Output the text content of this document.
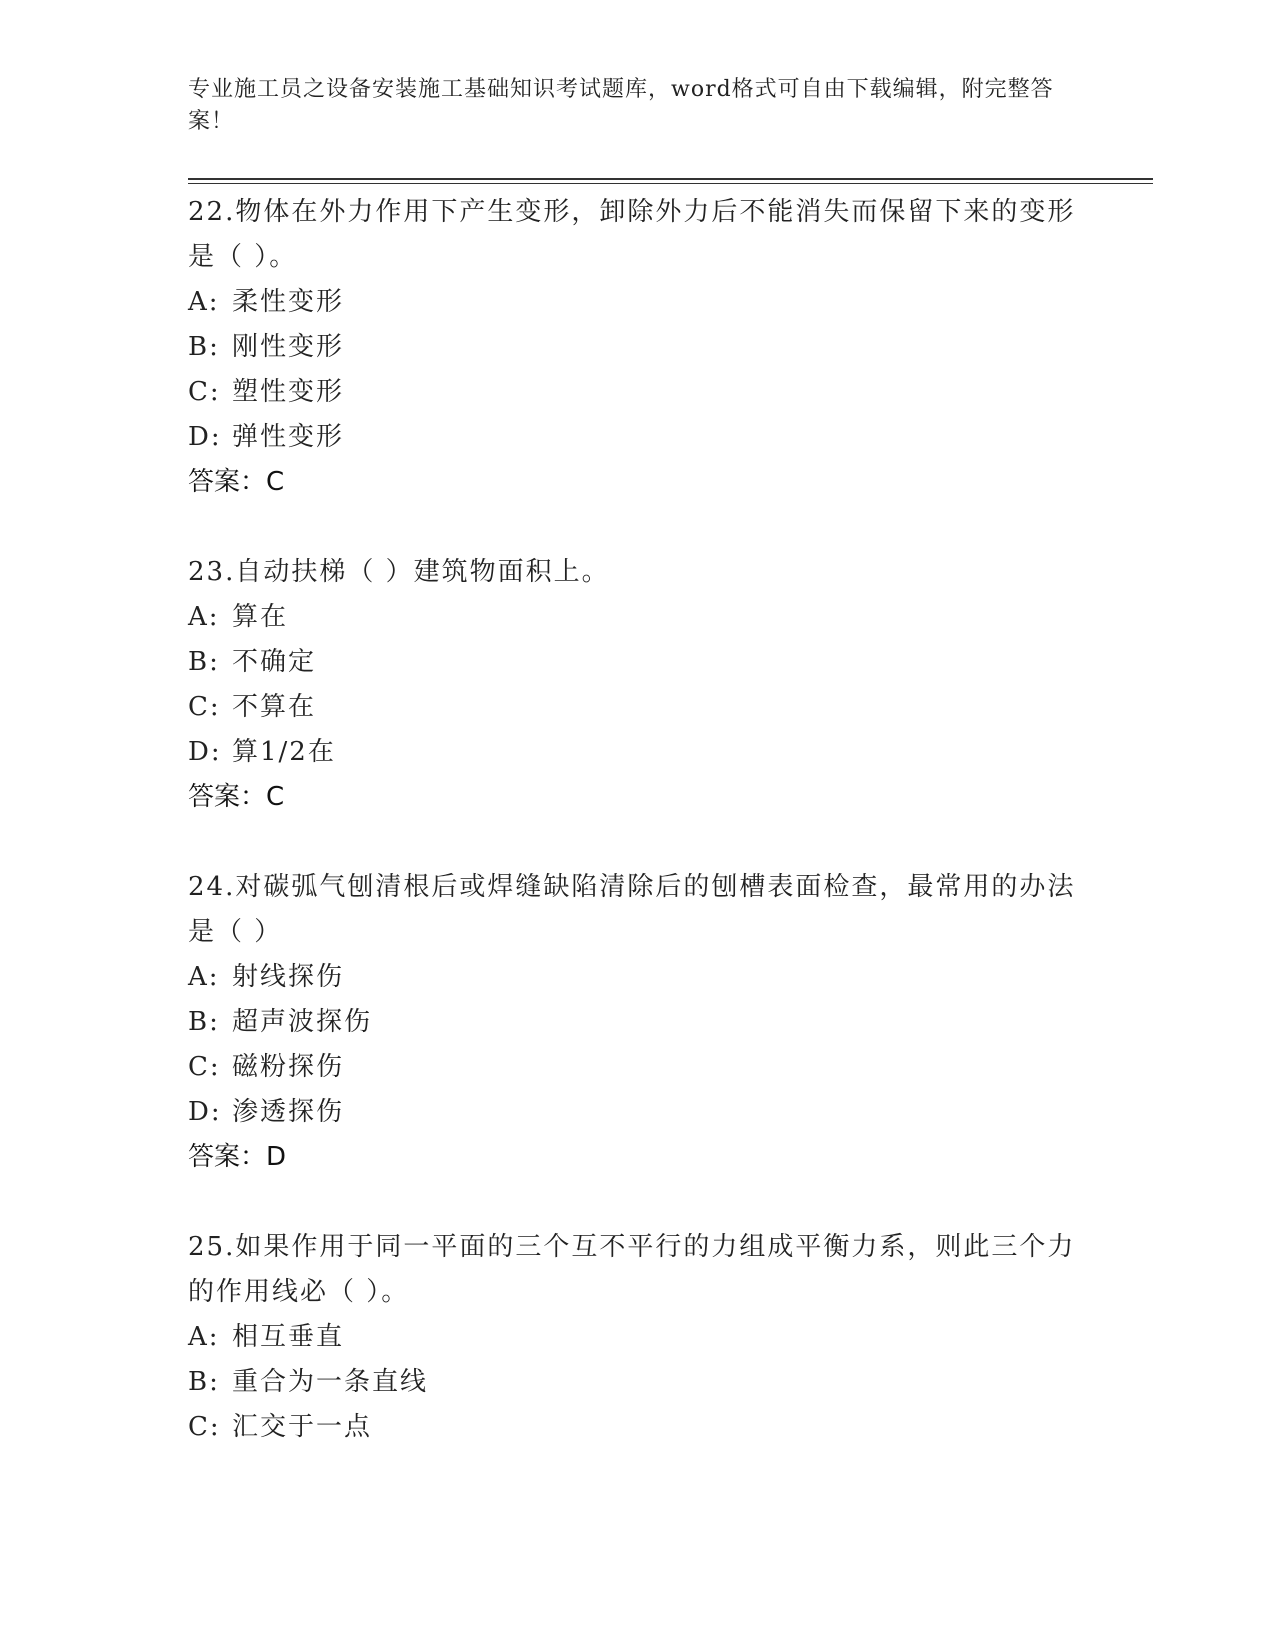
专业施工员之设备安装施工基础知识考试题库，word格式可自由下载编辑，附完整答案！

22.物体在外力作用下产生变形，卸除外力后不能消失而保留下来的变形是（ ）。

A: 柔性变形

B: 刚性变形

C: 塑性变形

D: 弹性变形

答案：C

23.自动扶梯（ ）建筑物面积上。

A: 算在

B: 不确定

C: 不算在

D: 算1/2在

答案：C

24.对碳弧气刨清根后或焊缝缺陷清除后的刨槽表面检查，最常用的办法是（ ）

A: 射线探伤

B: 超声波探伤

C: 磁粉探伤

D: 渗透探伤

答案：D

25.如果作用于同一平面的三个互不平行的力组成平衡力系，则此三个力的作用线必（ ）。

A: 相互垂直

B: 重合为一条直线

C: 汇交于一点
